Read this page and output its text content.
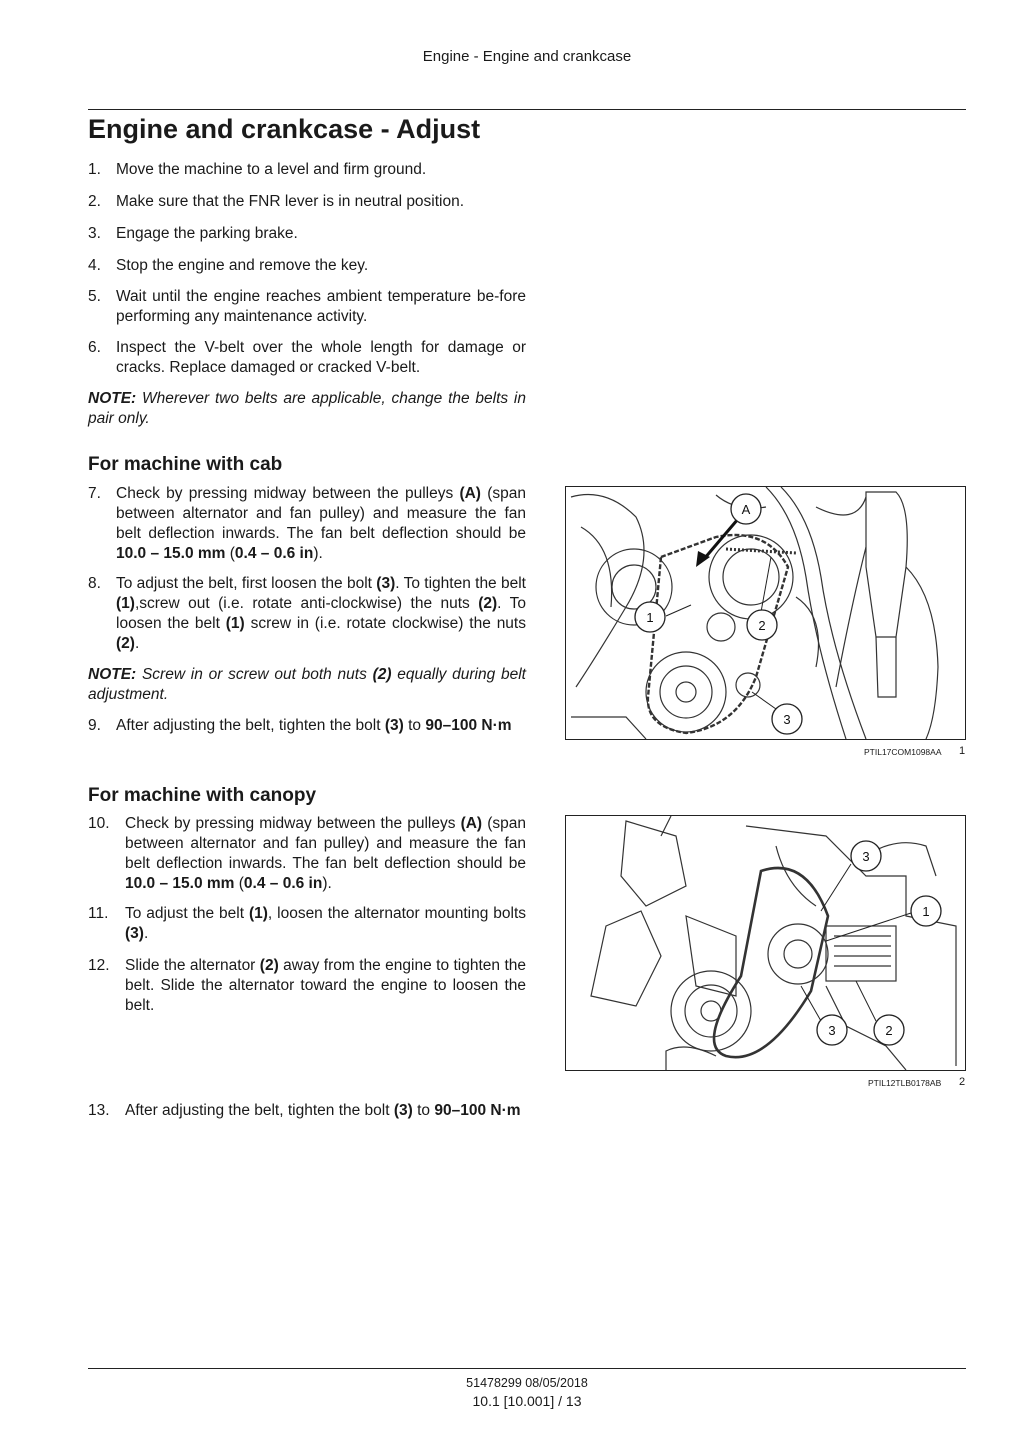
Engine - Engine and crankcase
Engine and crankcase - Adjust
1. Move the machine to a level and firm ground.
2. Make sure that the FNR lever is in neutral position.
3. Engage the parking brake.
4. Stop the engine and remove the key.
5. Wait until the engine reaches ambient temperature be-fore performing any maintenance activity.
6. Inspect the V-belt over the whole length for damage or cracks. Replace damaged or cracked V-belt.
NOTE: Wherever two belts are applicable, change the belts in pair only.
For machine with cab
7. Check by pressing midway between the pulleys (A) (span between alternator and fan pulley) and measure the fan belt deflection inwards. The fan belt deflection should be 10.0 – 15.0 mm (0.4 – 0.6 in).
8. To adjust the belt, first loosen the bolt (3). To tighten the belt (1),screw out (i.e. rotate anti-clockwise) the nuts (2). To loosen the belt (1) screw in (i.e. rotate clockwise) the nuts (2).
NOTE: Screw in or screw out both nuts (2) equally during belt adjustment.
9. After adjusting the belt, tighten the bolt (3) to 90–100 N·m
A
1
2
3
PTIL17COM1098AA 1
For machine with canopy
10. Check by pressing midway between the pulleys (A) (span between alternator and fan pulley) and measure the fan belt deflection inwards. The fan belt deflection should be 10.0 – 15.0 mm (0.4 – 0.6 in).
11. To adjust the belt (1), loosen the alternator mounting bolts (3).
12. Slide the alternator (2) away from the engine to tighten the belt. Slide the alternator toward the engine to loosen the belt.
3
1
3	2
PTIL12TLB0178AB 2
13. After adjusting the belt, tighten the bolt (3) to 90–100 N·m
51478299 08/05/2018
10.1 [10.001] / 13
